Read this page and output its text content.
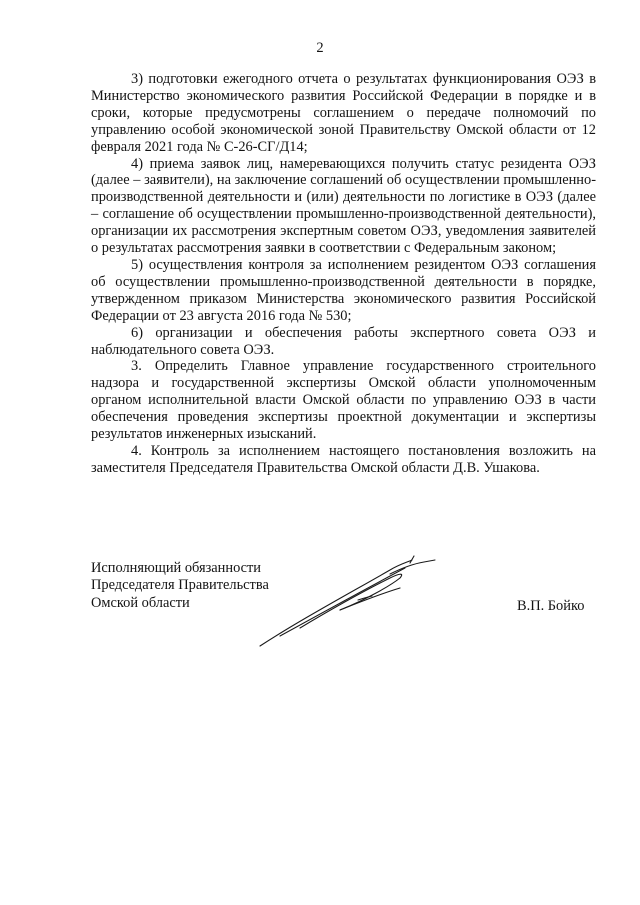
2

3) подготовки ежегодного отчета о результатах функционирования ОЭЗ в Министерство экономического развития Российской Федерации в порядке и в сроки, которые предусмотрены соглашением о передаче полномочий по управлению особой экономической зоной Правительству Омской области от 12 февраля 2021 года № С-26-СГ/Д14;

4) приема заявок лиц, намеревающихся получить статус резидента ОЭЗ (далее – заявители), на заключение соглашений об осуществлении промышленно-производственной деятельности и (или) деятельности по логистике в ОЭЗ (далее – соглашение об осуществлении промышленно-производственной деятельности), организации их рассмотрения экспертным советом ОЭЗ, уведомления заявителей о результатах рассмотрения заявки в соответствии с Федеральным законом;

5) осуществления контроля за исполнением резидентом ОЭЗ соглашения об осуществлении промышленно-производственной деятельности в порядке, утвержденном приказом Министерства экономического развития Российской Федерации от 23 августа 2016 года № 530;

6) организации и обеспечения работы экспертного совета ОЭЗ и наблюдательного совета ОЭЗ.

3. Определить Главное управление государственного строительного надзора и государственной экспертизы Омской области уполномоченным органом исполнительной власти Омской области по управлению ОЭЗ в части обеспечения проведения экспертизы проектной документации и экспертизы результатов инженерных изысканий.

4. Контроль за исполнением настоящего постановления возложить на заместителя Председателя Правительства Омской области Д.В. Ушакова.

Исполняющий обязанности
Председателя Правительства
Омской области	В.П. Бойко
